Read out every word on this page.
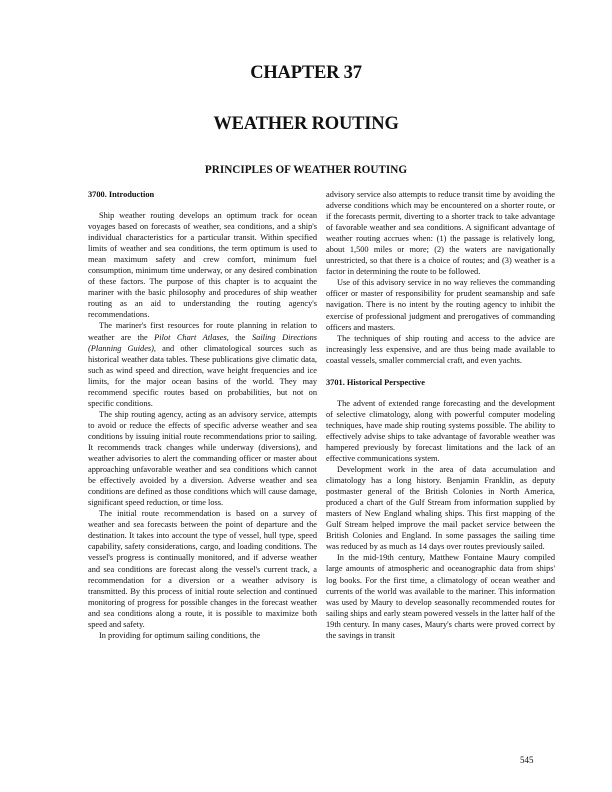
CHAPTER 37
WEATHER ROUTING
PRINCIPLES OF WEATHER ROUTING
3700. Introduction

Ship weather routing develops an optimum track for ocean voyages based on forecasts of weather, sea conditions, and a ship's individual characteristics for a particular transit. Within specified limits of weather and sea conditions, the term optimum is used to mean maximum safety and crew comfort, minimum fuel consumption, minimum time underway, or any desired combination of these factors. The purpose of this chapter is to acquaint the mariner with the basic philosophy and procedures of ship weather routing as an aid to understanding the routing agency's recommendations.

The mariner's first resources for route planning in relation to weather are the Pilot Chart Atlases, the Sailing Directions (Planning Guides), and other climatological sources such as historical weather data tables. These publications give climatic data, such as wind speed and direction, wave height frequencies and ice limits, for the major ocean basins of the world. They may recommend specific routes based on probabilities, but not on specific conditions.

The ship routing agency, acting as an advisory service, attempts to avoid or reduce the effects of specific adverse weather and sea conditions by issuing initial route recommendations prior to sailing. It recommends track changes while underway (diversions), and weather advisories to alert the commanding officer or master about approaching unfavorable weather and sea conditions which cannot be effectively avoided by a diversion. Adverse weather and sea conditions are defined as those conditions which will cause damage, significant speed reduction, or time loss.

The initial route recommendation is based on a survey of weather and sea forecasts between the point of departure and the destination. It takes into account the type of vessel, hull type, speed capability, safety considerations, cargo, and loading conditions. The vessel's progress is continually monitored, and if adverse weather and sea conditions are forecast along the vessel's current track, a recommendation for a diversion or a weather advisory is transmitted. By this process of initial route selection and continued monitoring of progress for possible changes in the forecast weather and sea conditions along a route, it is possible to maximize both speed and safety.

In providing for optimum sailing conditions, the

advisory service also attempts to reduce transit time by avoiding the adverse conditions which may be encountered on a shorter route, or if the forecasts permit, diverting to a shorter track to take advantage of favorable weather and sea conditions. A significant advantage of weather routing accrues when: (1) the passage is relatively long, about 1,500 miles or more; (2) the waters are navigationally unrestricted, so that there is a choice of routes; and (3) weather is a factor in determining the route to be followed.

Use of this advisory service in no way relieves the commanding officer or master of responsibility for prudent seamanship and safe navigation. There is no intent by the routing agency to inhibit the exercise of professional judgment and prerogatives of commanding officers and masters.

The techniques of ship routing and access to the advice are increasingly less expensive, and are thus being made available to coastal vessels, smaller commercial craft, and even yachts.

3701. Historical Perspective

The advent of extended range forecasting and the development of selective climatology, along with powerful computer modeling techniques, have made ship routing systems possible. The ability to effectively advise ships to take advantage of favorable weather was hampered previously by forecast limitations and the lack of an effective communications system.

Development work in the area of data accumulation and climatology has a long history. Benjamin Franklin, as deputy postmaster general of the British Colonies in North America, produced a chart of the Gulf Stream from information supplied by masters of New England whaling ships. This first mapping of the Gulf Stream helped improve the mail packet service between the British Colonies and England. In some passages the sailing time was reduced by as much as 14 days over routes previously sailed.

In the mid-19th century, Matthew Fontaine Maury compiled large amounts of atmospheric and oceanographic data from ships' log books. For the first time, a climatology of ocean weather and currents of the world was available to the mariner. This information was used by Maury to develop seasonally recommended routes for sailing ships and early steam powered vessels in the latter half of the 19th century. In many cases, Maury's charts were proved correct by the savings in transit

545
